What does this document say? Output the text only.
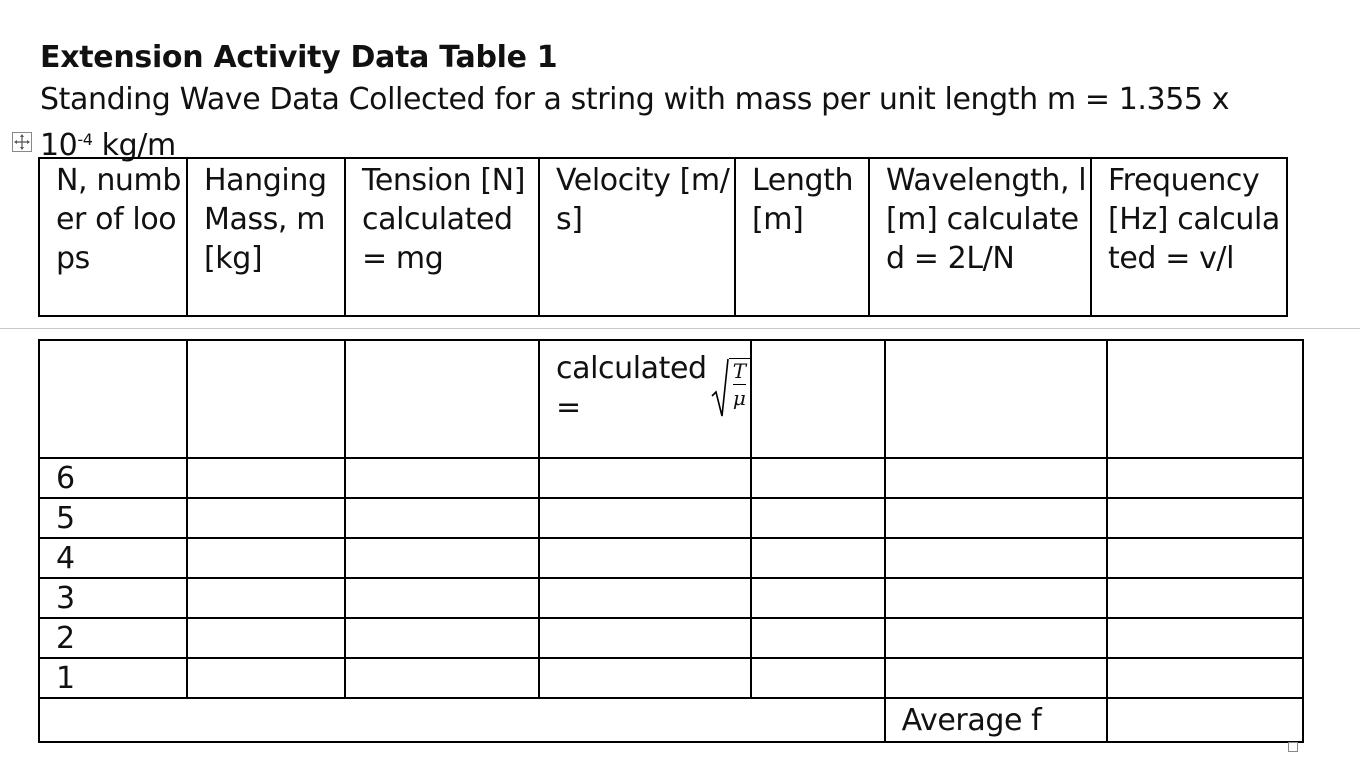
Extension Activity Data Table 1
Standing Wave Data Collected for a string with mass per unit length m = 1.355 x
$10^{-4}$ kg/m
N, number of loops	Hanging Mass, m [kg]	Tension [N] calculated = mg	Velocity [m/s]	Length [m]	Wavelength, l [m] calculated = 2L/N	Frequency [Hz] calculated = v/l

			calculated = $\frac{T}{\mu}$

6						
5						
4						
3						
2						
1						
					Average f	
